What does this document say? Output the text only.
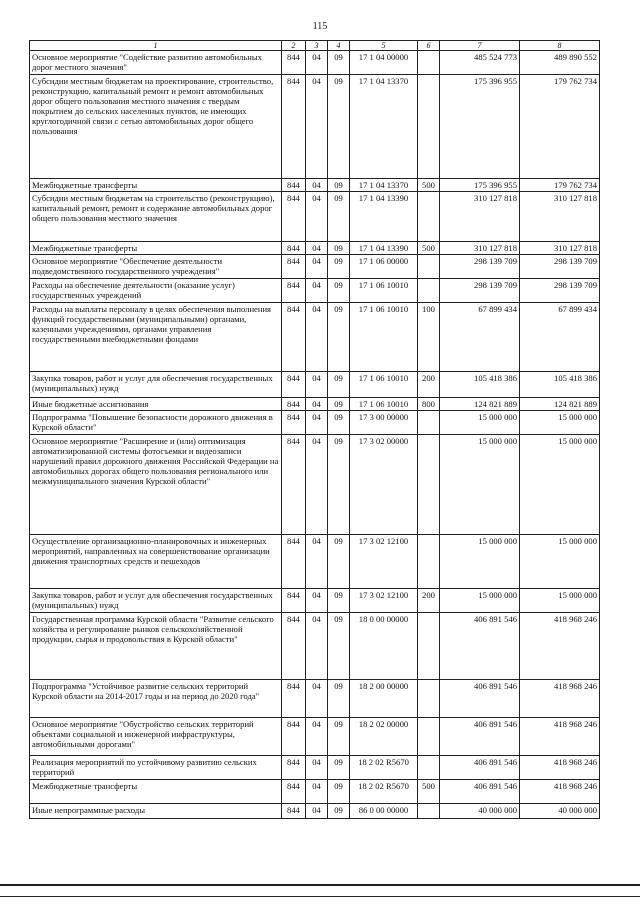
115
1	2	3	4	5	6	7	8
Основное мероприятие "Содействие развитию автомобильных дорог местного значения"	844	04	09	17 1 04 00000		485 524 773	489 890 552
Субсидии местным бюджетам на проектирование, строительство, реконструкцию, капитальный ремонт и ремонт автомобильных дорог общего пользования местного значения с твердым покрытием до сельских населенных пунктов, не имеющих круглогодичной связи с сетью автомобильных дорог общего пользования	844	04	09	17 1 04 13370		175 396 955	179 762 734
Межбюджетные трансферты	844	04	09	17 1 04 13370	500	175 396 955	179 762 734
Субсидии местным бюджетам на строительство (реконструкцию), капитальный ремонт, ремонт и содержание автомобильных дорог общего пользования местного значения	844	04	09	17 1 04 13390		310 127 818	310 127 818
Межбюджетные трансферты	844	04	09	17 1 04 13390	500	310 127 818	310 127 818
Основное мероприятие "Обеспечение деятельности подведомственного государственного учреждения"	844	04	09	17 1 06 00000		298 139 709	298 139 709
Расходы на обеспечение деятельности (оказание услуг) государственных учреждений	844	04	09	17 1 06 10010		298 139 709	298 139 709
Расходы на выплаты персоналу в целях обеспечения выполнения функций государственными (муниципальными) органами, казенными учреждениями, органами управления государственными внебюджетными фондами	844	04	09	17 1 06 10010	100	67 899 434	67 899 434
Закупка товаров, работ и услуг для обеспечения государственных (муниципальных) нужд	844	04	09	17 1 06 10010	200	105 418 386	105 418 386
Иные бюджетные ассигнования	844	04	09	17 1 06 10010	800	124 821 889	124 821 889
Подпрограмма "Повышение безопасности дорожного движения в Курской области"	844	04	09	17 3 00 00000		15 000 000	15 000 000
Основное мероприятие "Расширение и (или) оптимизация автоматизированной системы фотосъемки и видеозаписи нарушений правил дорожного движения Российской Федерации на автомобильных дорогах общего пользования регионального или межмуниципального значения Курской области"	844	04	09	17 3 02 00000		15 000 000	15 000 000
Осуществление организационно-планировочных и инженерных мероприятий, направленных на совершенствование организации движения транспортных средств и пешеходов	844	04	09	17 3 02 12100		15 000 000	15 000 000
Закупка товаров, работ и услуг для обеспечения государственных (муниципальных) нужд	844	04	09	17 3 02 12100	200	15 000 000	15 000 000
Государственная программа Курской области "Развитие сельского хозяйства и регулирование рынков сельскохозяйственной продукции, сырья и продовольствия в Курской области"	844	04	09	18 0 00 00000		406 891 546	418 968 246
Подпрограмма "Устойчивое развитие сельских территорий Курской области на 2014-2017 годы и на период до 2020 года"	844	04	09	18 2 00 00000		406 891 546	418 968 246
Основное мероприятие "Обустройство сельских территорий объектами социальной и инженерной инфраструктуры, автомобильными дорогами"	844	04	09	18 2 02 00000		406 891 546	418 968 246
Реализация мероприятий по устойчивому развитию сельских территорий	844	04	09	18 2 02 R5670		406 891 546	418 968 246
Межбюджетные трансферты	844	04	09	18 2 02 R5670	500	406 891 546	418 968 246
Иные непрограммные расходы	844	04	09	86 0 00 00000		40 000 000	40 000 000
